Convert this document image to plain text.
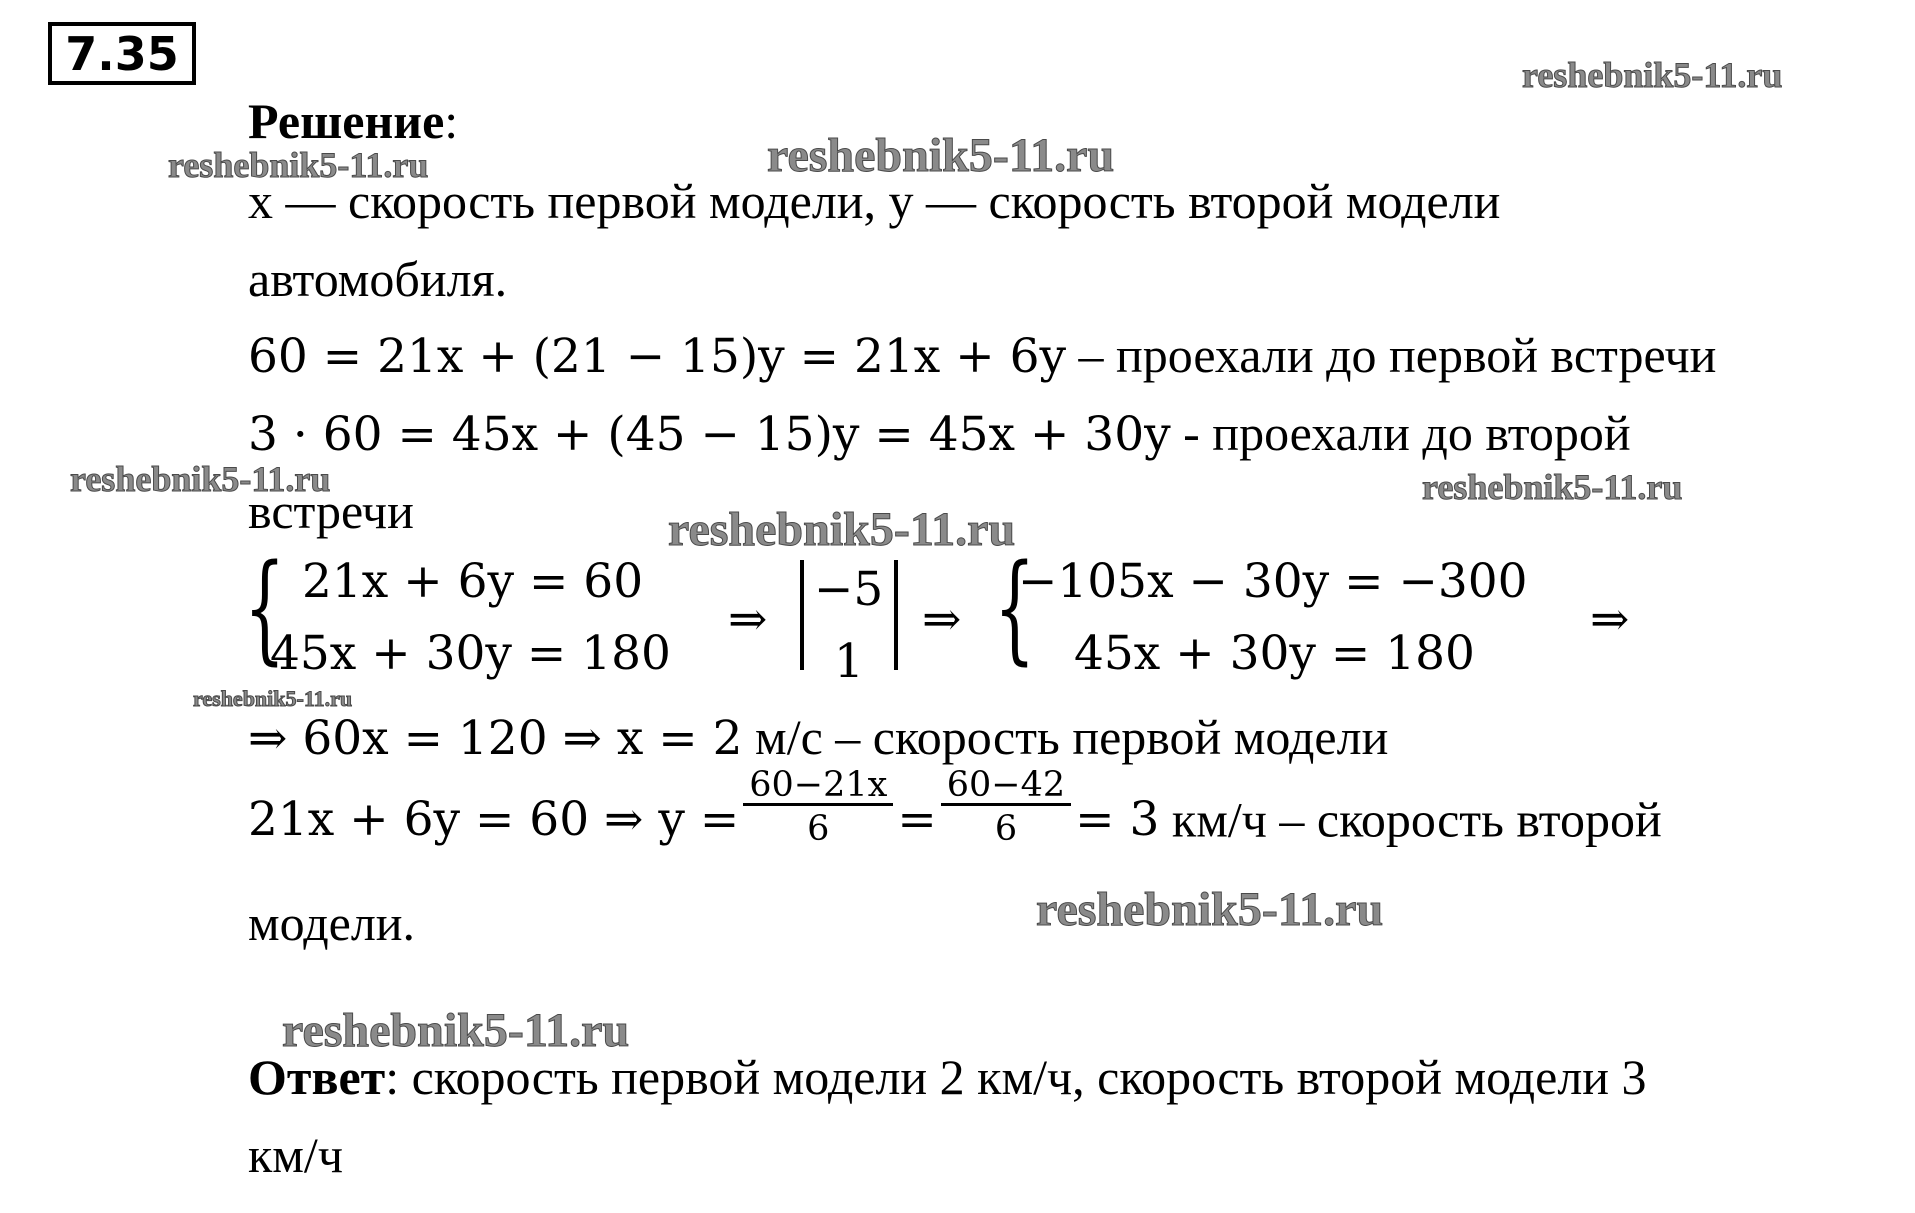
7.35	reshebnik5-11.ru
reshebnik5-11.ru	reshebnik5-11.ru
reshebnik5-11.ru	reshebnik5-11.ru
reshebnik5-11.ru
reshebnik5-11.ru
reshebnik5-11.ru
reshebnik5-11.ru
Решение:
x — скорость первой модели, y — скорость второй модели
автомобиля.
60 = 21x + (21 − 15)y = 21x + 6y – проехали до первой встречи
3 · 60 = 45x + (45 − 15)y = 45x + 30y - проехали до второй
встречи
{ 21x + 6y = 60
45x + 30y = 180
⇒
−5
1
⇒ {
−105x − 30y = −300
45x + 30y = 180
⇒
⇒ 60x = 120 ⇒ x = 2 м/с – скорость первой модели
21x + 6y = 60 ⇒ $y = \frac{60-21x}{6} = \frac{60-42}{6} = 3$ км/ч – скорость второй
модели.
Ответ: скорость первой модели 2 км/ч, скорость второй модели 3
км/ч
